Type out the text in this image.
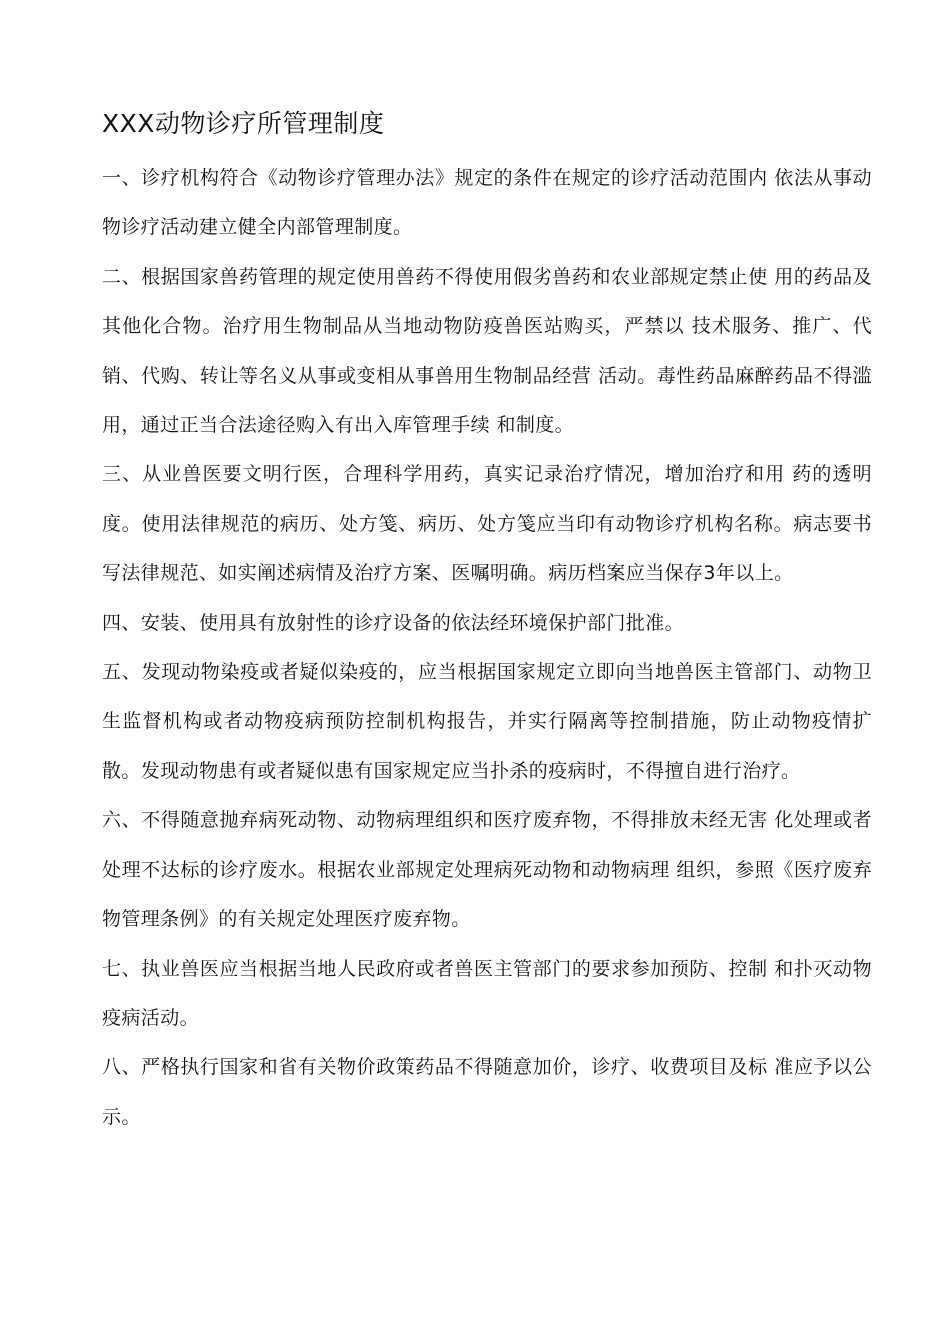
XXX动物诊疗所管理制度

一、诊疗机构符合《动物诊疗管理办法》规定的条件在规定的诊疗活动范围内 依法从事动物诊疗活动建立健全内部管理制度。

二、根据国家兽药管理的规定使用兽药不得使用假劣兽药和农业部规定禁止使 用的药品及其他化合物。治疗用生物制品从当地动物防疫兽医站购买，严禁以 技术服务、推广、代销、代购、转让等名义从事或变相从事兽用生物制品经营 活动。毒性药品麻醉药品不得滥用，通过正当合法途径购入有出入库管理手续 和制度。

三、从业兽医要文明行医，合理科学用药，真实记录治疗情况，增加治疗和用 药的透明度。使用法律规范的病历、处方笺、病历、处方笺应当印有动物诊疗机构名称。病志要书写法律规范、如实阐述病情及治疗方案、医嘱明确。病历档案应当保存3年以上。

四、安装、使用具有放射性的诊疗设备的依法经环境保护部门批准。

五、发现动物染疫或者疑似染疫的，应当根据国家规定立即向当地兽医主管部门、动物卫生监督机构或者动物疫病预防控制机构报告，并实行隔离等控制措施，防止动物疫情扩散。发现动物患有或者疑似患有国家规定应当扑杀的疫病时，不得擅自进行治疗。

六、不得随意抛弃病死动物、动物病理组织和医疗废弃物，不得排放未经无害 化处理或者处理不达标的诊疗废水。根据农业部规定处理病死动物和动物病理 组织，参照《医疗废弃物管理条例》的有关规定处理医疗废弃物。

七、执业兽医应当根据当地人民政府或者兽医主管部门的要求参加预防、控制 和扑灭动物疫病活动。

八、严格执行国家和省有关物价政策药品不得随意加价，诊疗、收费项目及标 准应予以公示。
